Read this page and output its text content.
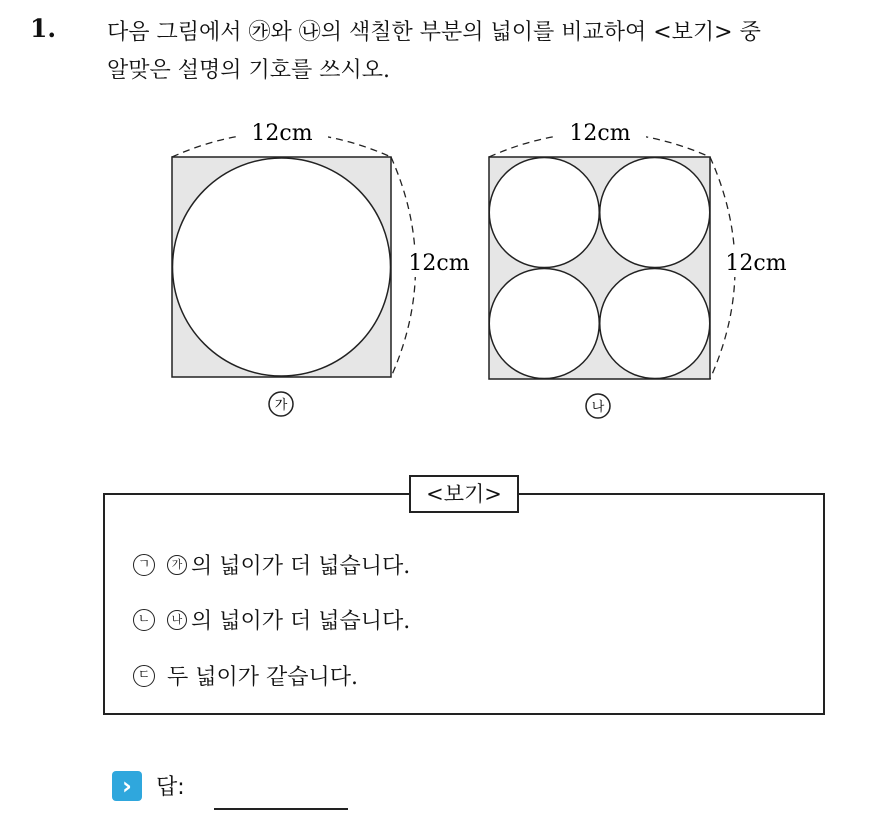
1. 다음 그림에서 ㉮와 ㉯의 색칠한 부분의 넓이를 비교하여 <보기> 중
알맞은 설명의 기호를 쓰시오.
12cm
12cm
가
12cm
12cm
나
<보기>
ㄱ	가 의 넓이가 더 넓습니다.
ㄴ	나 의 넓이가 더 넓습니다.
ㄷ 두 넓이가 같습니다.
›	답:
